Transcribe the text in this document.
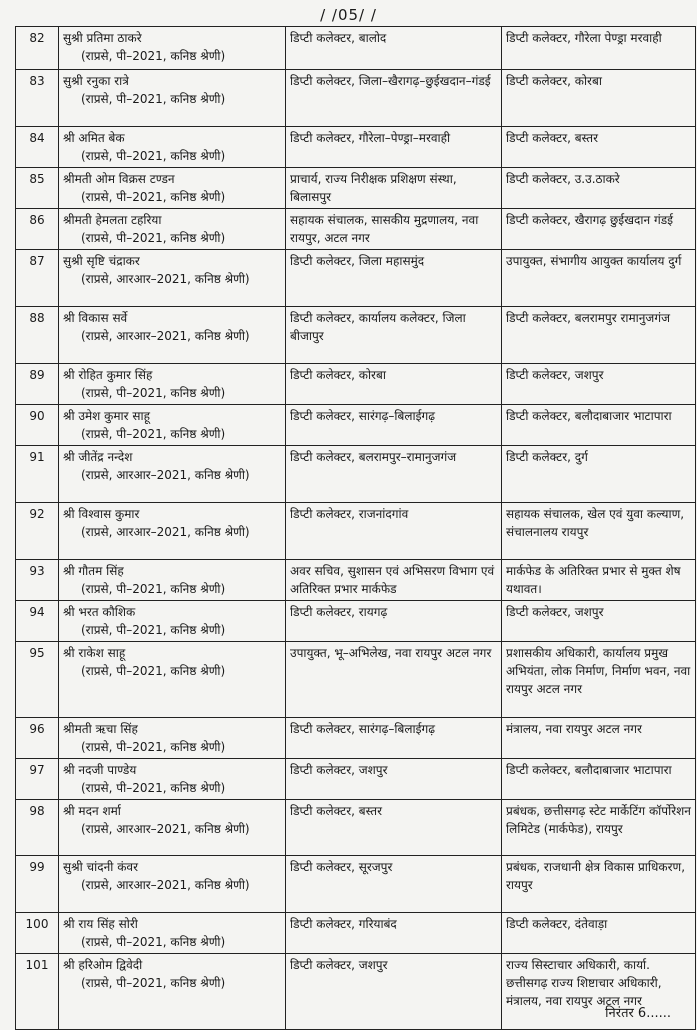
/ /05/ /
82	सुश्री प्रतिमा ठाकरे
(राप्रसे, पी–2021, कनिष्ठ श्रेणी)	डिप्टी कलेक्टर, बालोद	डिप्टी कलेक्टर, गौरेला पेण्ड्रा मरवाही
83	सुश्री रनुका रात्रे
(राप्रसे, पी–2021, कनिष्ठ श्रेणी)	डिप्टी कलेक्टर, जिला–खैरागढ़–छुईखदान–गंडई	डिप्टी कलेक्टर, कोरबा
84	श्री अमित बेक
(राप्रसे, पी–2021, कनिष्ठ श्रेणी)	डिप्टी कलेक्टर, गौरेला–पेण्ड्रा–मरवाही	डिप्टी कलेक्टर, बस्तर
85	श्रीमती ओम विक्रस टण्डन
(राप्रसे, पी–2021, कनिष्ठ श्रेणी)	प्राचार्य, राज्य निरीक्षक प्रशिक्षण संस्था, बिलासपुर	डिप्टी कलेक्टर, उ.उ.ठाकरे
86	श्रीमती हेमलता टहरिया
(राप्रसे, पी–2021, कनिष्ठ श्रेणी)	सहायक संचालक, सासकीय मुद्रणालय, नवा रायपुर, अटल नगर	डिप्टी कलेक्टर, खैरागढ़ छुईखदान गंडई
87	सुश्री सृष्टि चंद्राकर
(राप्रसे, आरआर–2021, कनिष्ठ श्रेणी)	डिप्टी कलेक्टर, जिला महासमुंद	उपायुक्त, संभागीय आयुक्त कार्यालय दुर्ग
88	श्री विकास सर्वे
(राप्रसे, आरआर–2021, कनिष्ठ श्रेणी)	डिप्टी कलेक्टर, कार्यालय कलेक्टर, जिला बीजापुर	डिप्टी कलेक्टर, बलरामपुर रामानुजगंज
89	श्री रोहित कुमार सिंह
(राप्रसे, पी–2021, कनिष्ठ श्रेणी)	डिप्टी कलेक्टर, कोरबा	डिप्टी कलेक्टर, जशपुर
90	श्री उमेश कुमार साहू
(राप्रसे, पी–2021, कनिष्ठ श्रेणी)	डिप्टी कलेक्टर, सारंगढ़–बिलाईगढ़	डिप्टी कलेक्टर, बलौदाबाजार भाटापारा
91	श्री जीतेंद्र नन्देश
(राप्रसे, आरआर–2021, कनिष्ठ श्रेणी)	डिप्टी कलेक्टर, बलरामपुर–रामानुजगंज	डिप्टी कलेक्टर, दुर्ग
92	श्री विश्वास कुमार
(राप्रसे, आरआर–2021, कनिष्ठ श्रेणी)	डिप्टी कलेक्टर, राजनांदगांव	सहायक संचालक, खेल एवं युवा कल्याण, संचालनालय रायपुर
93	श्री गौतम सिंह
(राप्रसे, पी–2021, कनिष्ठ श्रेणी)	अवर सचिव, सुशासन एवं अभिसरण विभाग एवं अतिरिक्त प्रभार मार्कफेड	मार्कफेड के अतिरिक्त प्रभार से मुक्त शेष यथावत।
94	श्री भरत कौशिक
(राप्रसे, पी–2021, कनिष्ठ श्रेणी)	डिप्टी कलेक्टर, रायगढ़	डिप्टी कलेक्टर, जशपुर
95	श्री राकेश साहू
(राप्रसे, पी–2021, कनिष्ठ श्रेणी)	उपायुक्त, भू–अभिलेख, नवा रायपुर अटल नगर	प्रशासकीय अधिकारी, कार्यालय प्रमुख अभियंता, लोक निर्माण, निर्माण भवन, नवा रायपुर अटल नगर
96	श्रीमती ऋचा सिंह
(राप्रसे, पी–2021, कनिष्ठ श्रेणी)	डिप्टी कलेक्टर, सारंगढ़–बिलाईगढ़	मंत्रालय, नवा रायपुर अटल नगर
97	श्री नदजी पाण्डेय
(राप्रसे, पी–2021, कनिष्ठ श्रेणी)	डिप्टी कलेक्टर, जशपुर	डिप्टी कलेक्टर, बलौदाबाजार भाटापारा
98	श्री मदन शर्मा
(राप्रसे, आरआर–2021, कनिष्ठ श्रेणी)	डिप्टी कलेक्टर, बस्तर	प्रबंधक, छत्तीसगढ़ स्टेट मार्केटिंग कॉर्पोरेशन लिमिटेड (मार्कफेड), रायपुर
99	सुश्री चांदनी कंवर
(राप्रसे, आरआर–2021, कनिष्ठ श्रेणी)	डिप्टी कलेक्टर, सूरजपुर	प्रबंधक, राजधानी क्षेत्र विकास प्राधिकरण, रायपुर
100	श्री राय सिंह सोरी
(राप्रसे, पी–2021, कनिष्ठ श्रेणी)	डिप्टी कलेक्टर, गरियाबंद	डिप्टी कलेक्टर, दंतेवाड़ा
101	श्री हरिओम द्विवेदी
(राप्रसे, पी–2021, कनिष्ठ श्रेणी)	डिप्टी कलेक्टर, जशपुर	राज्य सिस्टाचार अधिकारी, कार्या. छत्तीसगढ़ राज्य शिष्टाचार अधिकारी, मंत्रालय, नवा रायपुर अटल नगर
निरंतर 6......
